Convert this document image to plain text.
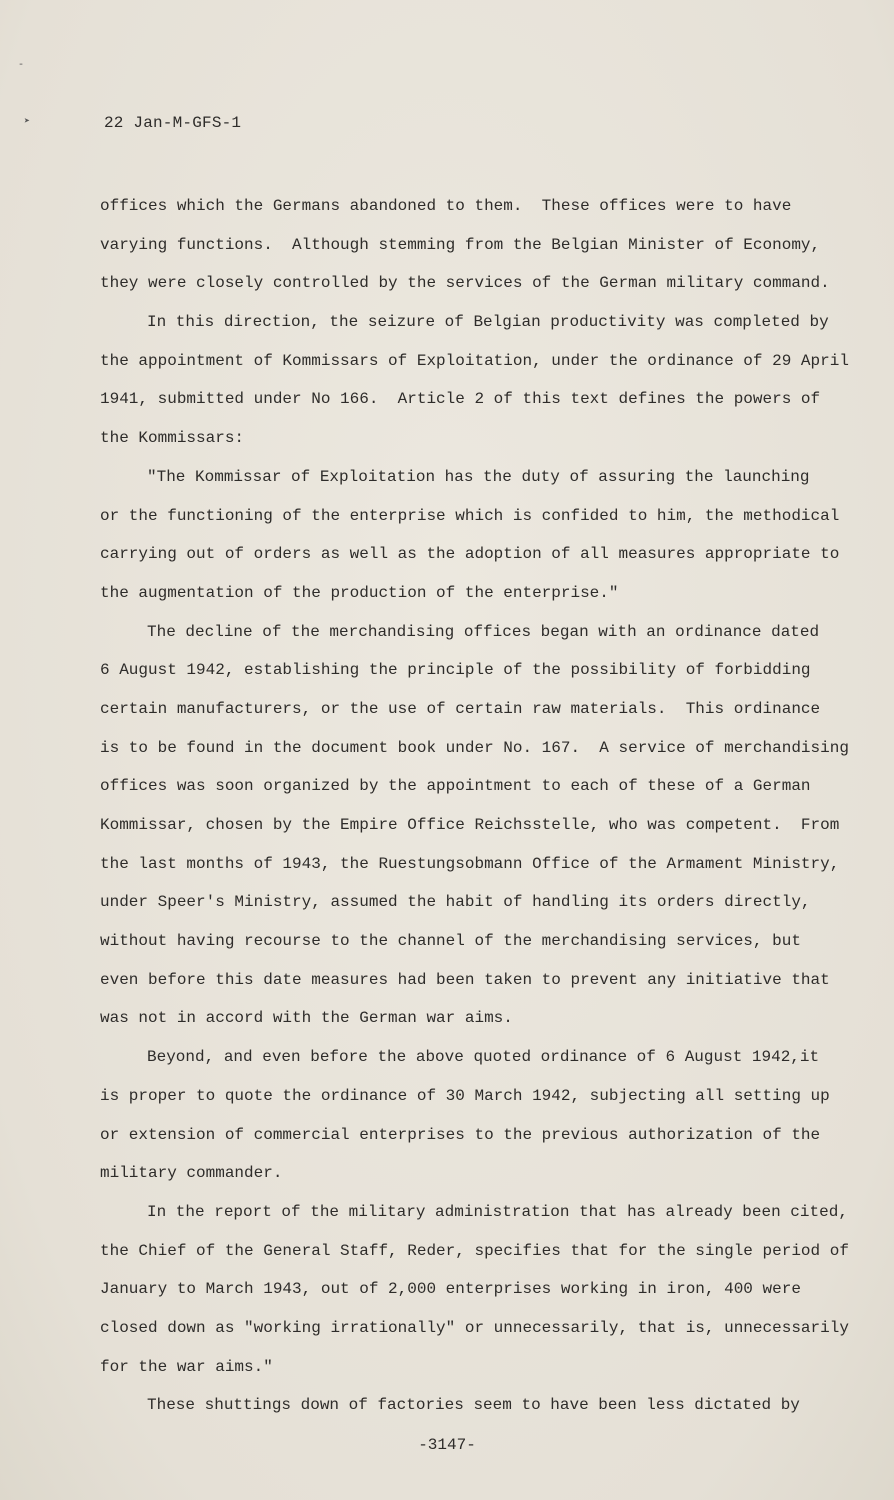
-
➤	22 Jan-M-GFS-1
offices which the Germans abandoned to them.  These offices were to have
varying functions.  Although stemming from the Belgian Minister of Economy,
they were closely controlled by the services of the German military command.
In this direction, the seizure of Belgian productivity was completed by
the appointment of Kommissars of Exploitation, under the ordinance of 29 April
1941, submitted under No 166.  Article 2 of this text defines the powers of
the Kommissars:
"The Kommissar of Exploitation has the duty of assuring the launching
or the functioning of the enterprise which is confided to him, the methodical
carrying out of orders as well as the adoption of all measures appropriate to
the augmentation of the production of the enterprise."
The decline of the merchandising offices began with an ordinance dated
6 August 1942, establishing the principle of the possibility of forbidding
certain manufacturers, or the use of certain raw materials.  This ordinance
is to be found in the document book under No. 167.  A service of merchandising
offices was soon organized by the appointment to each of these of a German
Kommissar, chosen by the Empire Office Reichsstelle, who was competent.  From
the last months of 1943, the Ruestungsobmann Office of the Armament Ministry,
under Speer's Ministry, assumed the habit of handling its orders directly,
without having recourse to the channel of the merchandising services, but
even before this date measures had been taken to prevent any initiative that
was not in accord with the German war aims.
Beyond, and even before the above quoted ordinance of 6 August 1942,it
is proper to quote the ordinance of 30 March 1942, subjecting all setting up
or extension of commercial enterprises to the previous authorization of the
military commander.
In the report of the military administration that has already been cited,
the Chief of the General Staff, Reder, specifies that for the single period of
January to March 1943, out of 2,000 enterprises working in iron, 400 were
closed down as "working irrationally" or unnecessarily, that is, unnecessarily
for the war aims."
These shuttings down of factories seem to have been less dictated by
-3147-
